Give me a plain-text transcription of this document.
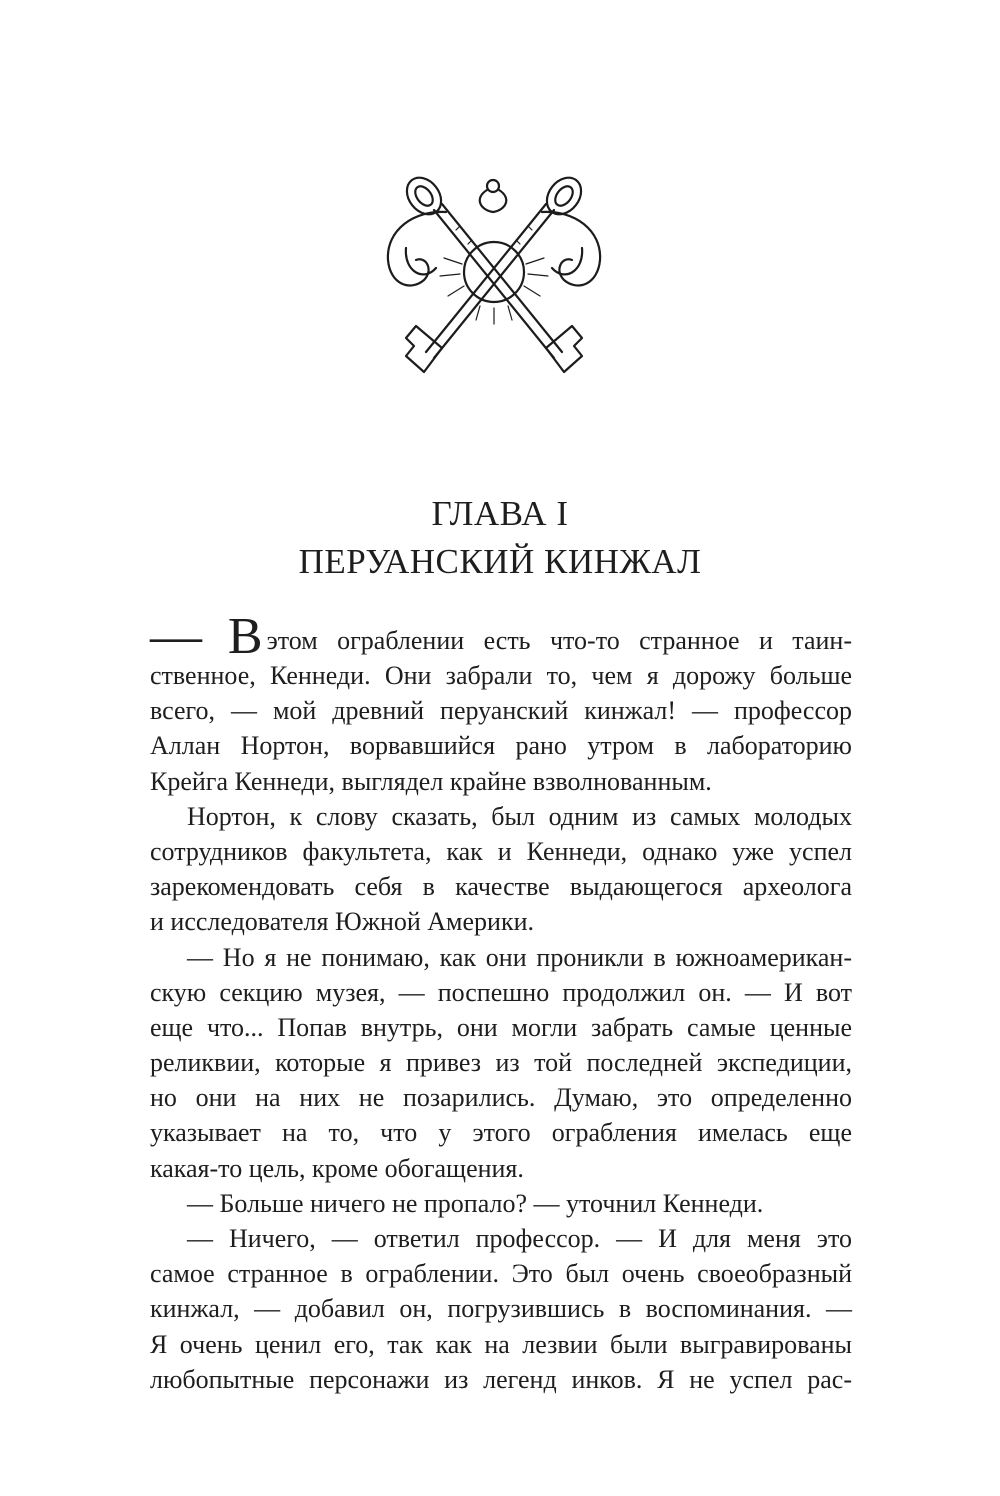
ГЛАВА I
ПЕРУАНСКИЙ КИНЖАЛ
— В этом ограблении есть что-то странное и таин-
ственное, Кеннеди. Они забрали то, чем я дорожу больше
всего, — мой древний перуанский кинжал! — профессор
Аллан Нортон, ворвавшийся рано утром в лабораторию
Крейга Кеннеди, выглядел крайне взволнованным.
Нортон, к слову сказать, был одним из самых молодых
сотрудников факультета, как и Кеннеди, однако уже успел
зарекомендовать себя в качестве выдающегося археолога
и исследователя Южной Америки.
— Но я не понимаю, как они проникли в южноамерикан-
скую секцию музея, — поспешно продолжил он. — И вот
еще что... Попав внутрь, они могли забрать самые ценные
реликвии, которые я привез из той последней экспедиции,
но они на них не позарились. Думаю, это определенно
указывает на то, что у этого ограбления имелась еще
какая-то цель, кроме обогащения.
— Больше ничего не пропало? — уточнил Кеннеди.
— Ничего, — ответил профессор. — И для меня это
самое странное в ограблении. Это был очень своеобразный
кинжал, — добавил он, погрузившись в воспоминания. —
Я очень ценил его, так как на лезвии были выгравированы
любопытные персонажи из легенд инков. Я не успел рас-
